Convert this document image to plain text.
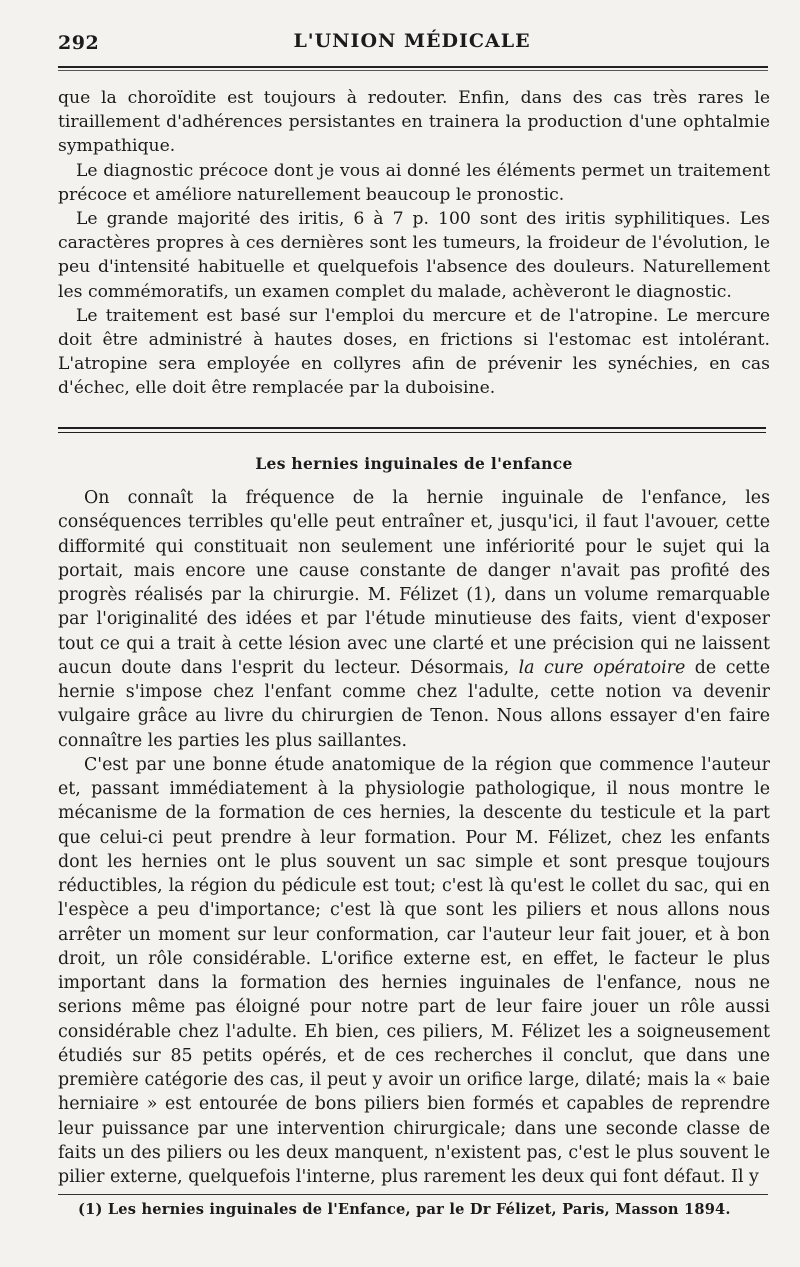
292	L'UNION MÉDICALE

que la choroïdite est toujours à redouter. Enfin, dans des cas très rares le tiraillement d'adhérences persistantes en trainera la production d'une ophtalmie sympathique.

Le diagnostic précoce dont je vous ai donné les éléments permet un traitement précoce et améliore naturellement beaucoup le pronostic.

Le grande majorité des iritis, 6 à 7 p. 100 sont des iritis syphilitiques. Les caractères propres à ces dernières sont les tumeurs, la froideur de l'évolution, le peu d'intensité habituelle et quelquefois l'absence des douleurs. Naturellement les commémoratifs, un examen complet du malade, achèveront le diagnostic.

Le traitement est basé sur l'emploi du mercure et de l'atropine. Le mercure doit être administré à hautes doses, en frictions si l'estomac est intolérant. L'atropine sera employée en collyres afin de prévenir les synéchies, en cas d'échec, elle doit être remplacée par la duboisine.

Les hernies inguinales de l'enfance

On connaît la fréquence de la hernie inguinale de l'enfance, les conséquences terribles qu'elle peut entraîner et, jusqu'ici, il faut l'avouer, cette difformité qui constituait non seulement une infériorité pour le sujet qui la portait, mais encore une cause constante de danger n'avait pas profité des progrès réalisés par la chirurgie. M. Félizet (1), dans un volume remarquable par l'originalité des idées et par l'étude minutieuse des faits, vient d'exposer tout ce qui a trait à cette lésion avec une clarté et une précision qui ne laissent aucun doute dans l'esprit du lecteur. Désormais, la cure opératoire de cette hernie s'impose chez l'enfant comme chez l'adulte, cette notion va devenir vulgaire grâce au livre du chirurgien de Tenon. Nous allons essayer d'en faire connaître les parties les plus saillantes.

C'est par une bonne étude anatomique de la région que commence l'auteur et, passant immédiatement à la physiologie pathologique, il nous montre le mécanisme de la formation de ces hernies, la descente du testicule et la part que celui-ci peut prendre à leur formation. Pour M. Félizet, chez les enfants dont les hernies ont le plus souvent un sac simple et sont presque toujours réductibles, la région du pédicule est tout; c'est là qu'est le collet du sac, qui en l'espèce a peu d'importance; c'est là que sont les piliers et nous allons nous arrêter un moment sur leur conformation, car l'auteur leur fait jouer, et à bon droit, un rôle considérable. L'orifice externe est, en effet, le facteur le plus important dans la formation des hernies inguinales de l'enfance, nous ne serions même pas éloigné pour notre part de leur faire jouer un rôle aussi considérable chez l'adulte. Eh bien, ces piliers, M. Félizet les a soigneusement étudiés sur 85 petits opérés, et de ces recherches il conclut, que dans une première catégorie des cas, il peut y avoir un orifice large, dilaté; mais la « baie herniaire » est entourée de bons piliers bien formés et capables de reprendre leur puissance par une intervention chirurgicale; dans une seconde classe de faits un des piliers ou les deux manquent, n'existent pas, c'est le plus souvent le pilier externe, quelquefois l'interne, plus rarement les deux qui font défaut. Il y

(1) Les hernies inguinales de l'Enfance, par le Dr Félizet, Paris, Masson 1894.
